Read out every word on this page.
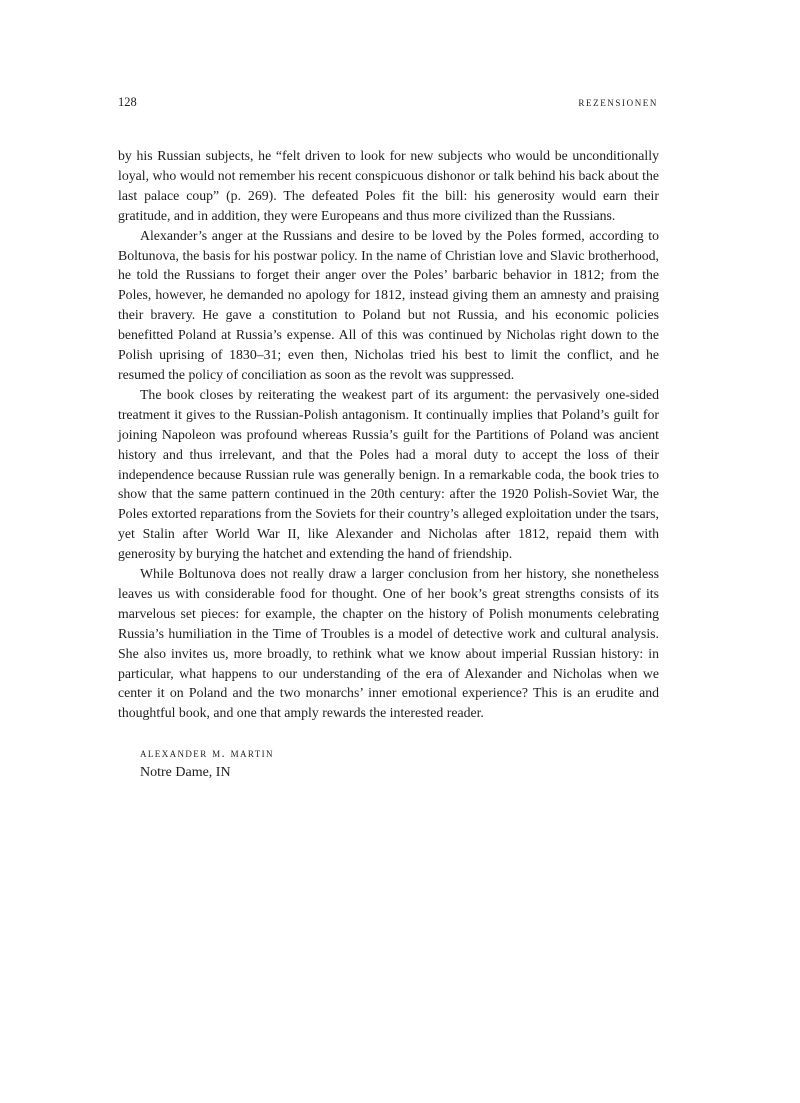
128	rezensionen

by his Russian subjects, he “felt driven to look for new subjects who would be unconditionally loyal, who would not remember his recent conspicuous dishonor or talk behind his back about the last palace coup” (p. 269). The defeated Poles fit the bill: his generosity would earn their gratitude, and in addition, they were Europeans and thus more civilized than the Russians.

Alexander’s anger at the Russians and desire to be loved by the Poles formed, according to Boltunova, the basis for his postwar policy. In the name of Christian love and Slavic brotherhood, he told the Russians to forget their anger over the Poles’ barbaric behavior in 1812; from the Poles, however, he demanded no apology for 1812, instead giving them an amnesty and praising their bravery. He gave a constitution to Poland but not Russia, and his economic policies benefitted Poland at Russia’s expense. All of this was continued by Nicholas right down to the Polish uprising of 1830–31; even then, Nicholas tried his best to limit the conflict, and he resumed the policy of conciliation as soon as the revolt was suppressed.

The book closes by reiterating the weakest part of its argument: the pervasively one-sided treatment it gives to the Russian-Polish antagonism. It continually implies that Poland’s guilt for joining Napoleon was profound whereas Russia’s guilt for the Partitions of Poland was ancient history and thus irrelevant, and that the Poles had a moral duty to accept the loss of their independence because Russian rule was generally benign. In a remarkable coda, the book tries to show that the same pattern continued in the 20th century: after the 1920 Polish-Soviet War, the Poles extorted reparations from the Soviets for their country’s alleged exploitation under the tsars, yet Stalin after World War II, like Alexander and Nicholas after 1812, repaid them with generosity by burying the hatchet and extending the hand of friendship.

While Boltunova does not really draw a larger conclusion from her history, she nonetheless leaves us with considerable food for thought. One of her book’s great strengths consists of its marvelous set pieces: for example, the chapter on the history of Polish monuments celebrating Russia’s humiliation in the Time of Troubles is a model of detective work and cultural analysis. She also invites us, more broadly, to rethink what we know about imperial Russian history: in particular, what happens to our understanding of the era of Alexander and Nicholas when we center it on Poland and the two monarchs’ inner emotional experience? This is an erudite and thoughtful book, and one that amply rewards the interested reader.

alexander m. martin
Notre Dame, IN
